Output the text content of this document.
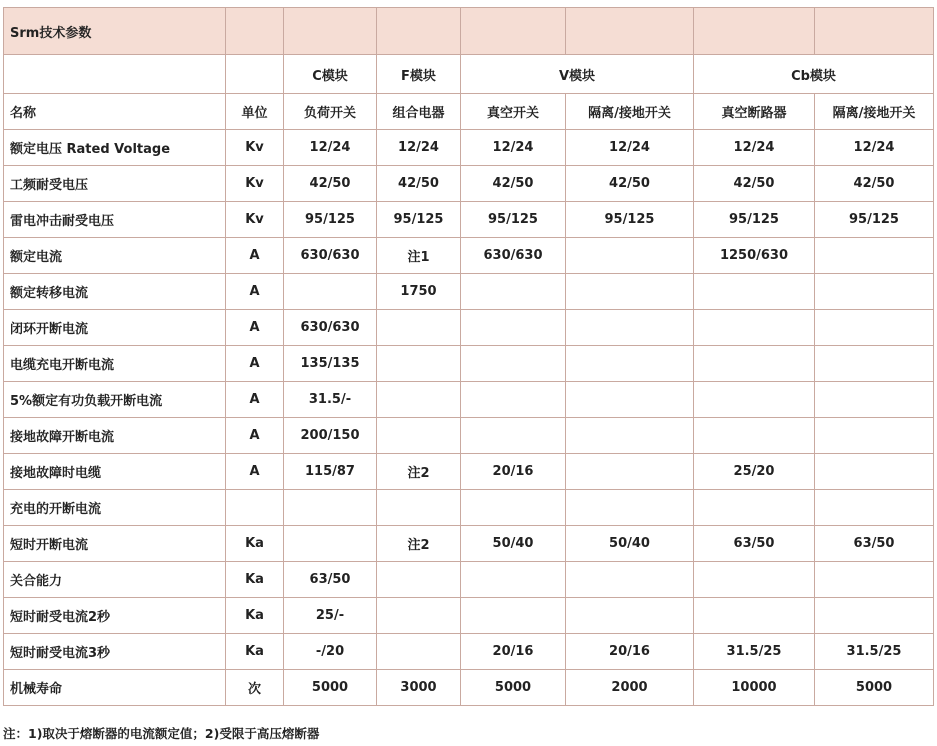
Srm技术参数							
		C模块	F模块	V模块		Cb模块	
名称	单位	负荷开关	组合电器	真空开关	隔离/接地开关	真空断路器	隔离/接地开关
额定电压 Rated Voltage	Kv	12/24	12/24	12/24	12/24	12/24	12/24
工频耐受电压	Kv	42/50	42/50	42/50	42/50	42/50	42/50
雷电冲击耐受电压	Kv	95/125	95/125	95/125	95/125	95/125	95/125
额定电流	A	630/630	注1	630/630		1250/630	
额定转移电流	A		1750				
闭环开断电流	A	630/630					
电缆充电开断电流	A	135/135					
5%额定有功负载开断电流	A	31.5/-					
接地故障开断电流	A	200/150					
接地故障时电缆	A	115/87	注2	20/16		25/20	
充电的开断电流							
短时开断电流	Ka		注2	50/40	50/40	63/50	63/50
关合能力	Ka	63/50					
短时耐受电流2秒	Ka	25/-					
短时耐受电流3秒	Ka	-/20		20/16	20/16	31.5/25	31.5/25
机械寿命	次	5000	3000	5000	2000	10000	5000
注：1)取决于熔断器的电流额定值；2)受限于高压熔断器
